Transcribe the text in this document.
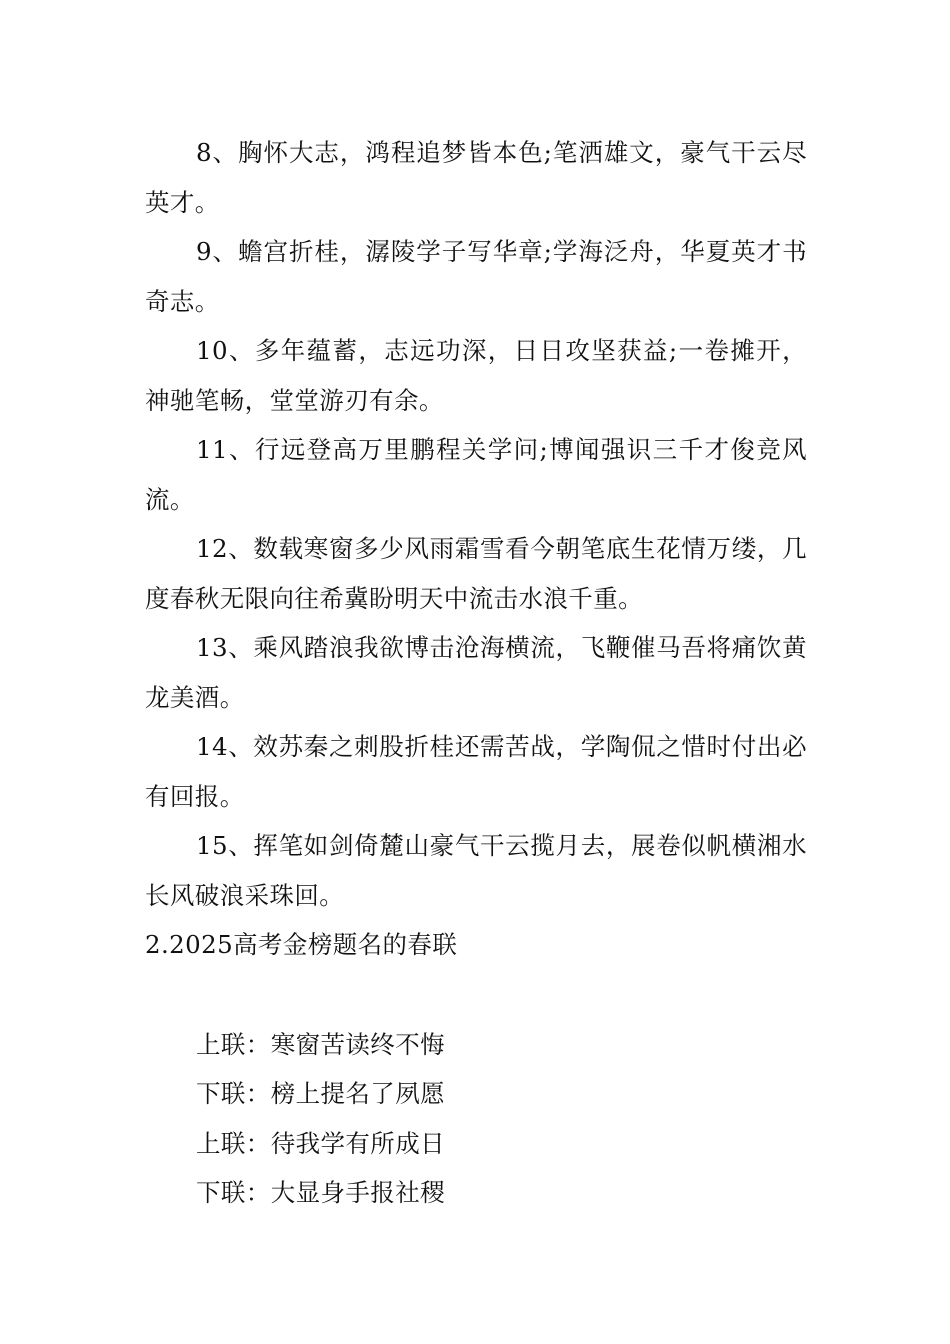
8、胸怀大志，鸿程追梦皆本色;笔洒雄文，豪气干云尽英才。

9、蟾宫折桂，潺陵学子写华章;学海泛舟，华夏英才书奇志。

10、多年蕴蓄，志远功深，日日攻坚获益;一卷摊开，神驰笔畅，堂堂游刃有余。

11、行远登高万里鹏程关学问;博闻强识三千才俊竞风流。

12、数载寒窗多少风雨霜雪看今朝笔底生花情万缕，几度春秋无限向往希冀盼明天中流击水浪千重。

13、乘风踏浪我欲博击沧海横流，飞鞭催马吾将痛饮黄龙美酒。

14、效苏秦之刺股折桂还需苦战，学陶侃之惜时付出必有回报。

15、挥笔如剑倚麓山豪气干云揽月去，展卷似帆横湘水长风破浪采珠回。

2.2025高考金榜题名的春联

上联：寒窗苦读终不悔

下联：榜上提名了夙愿

上联：待我学有所成日

下联：大显身手报社稷
